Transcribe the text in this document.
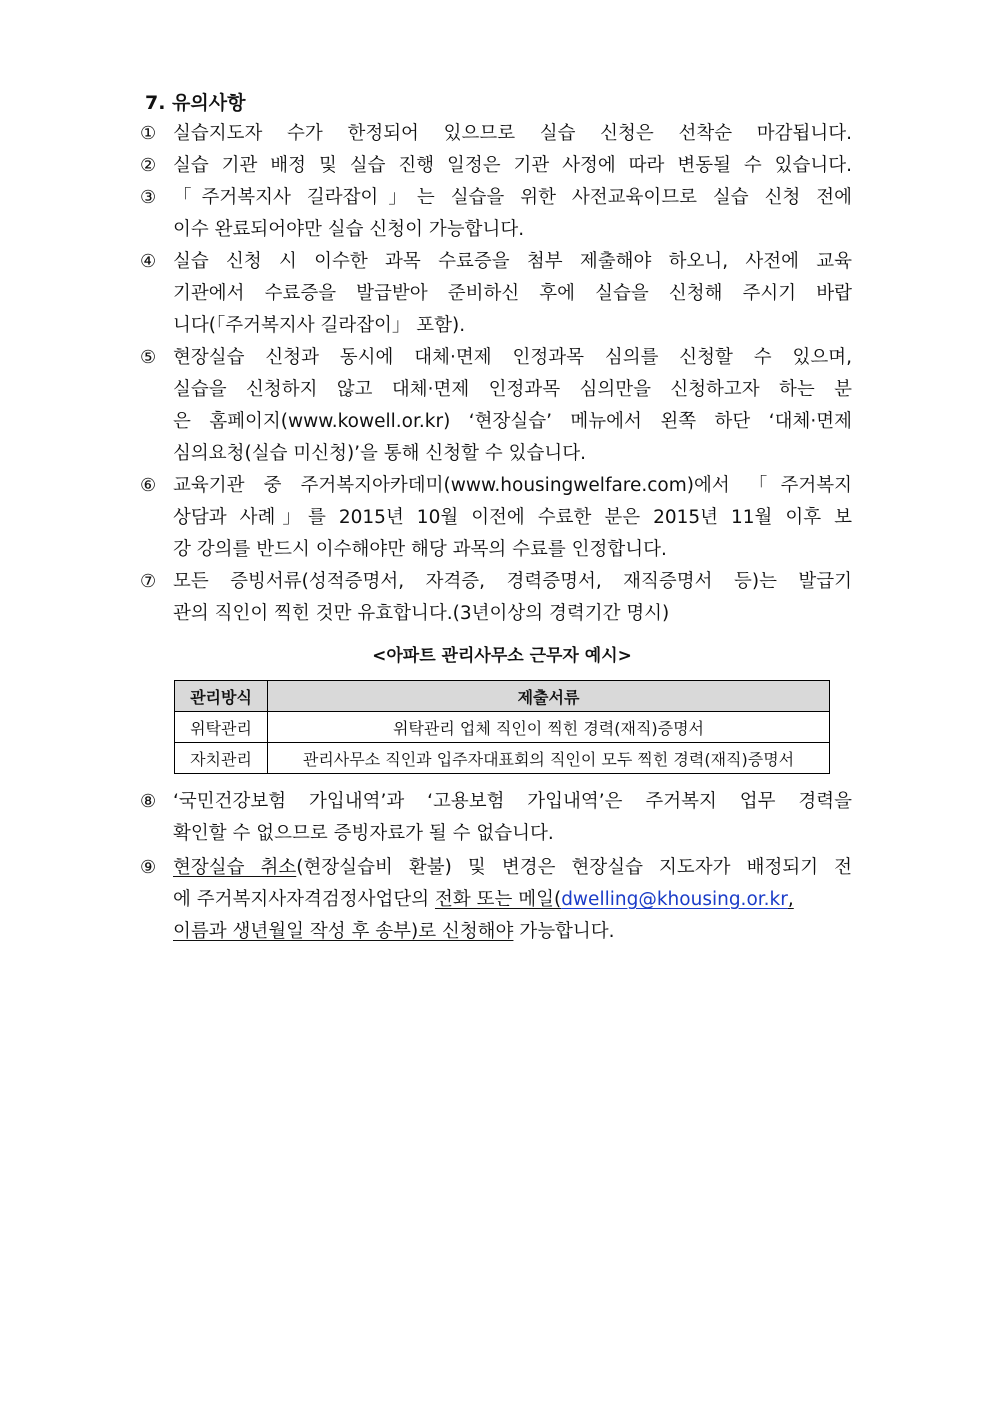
7. 유의사항
① 실습지도자 수가 한정되어 있으므로 실습 신청은 선착순 마감됩니다.
② 실습 기관 배정 및 실습 진행 일정은 기관 사정에 따라 변동될 수 있습니다.
③ 「주거복지사 길라잡이」는 실습을 위한 사전교육이므로 실습 신청 전에
이수 완료되어야만 실습 신청이 가능합니다.
④ 실습 신청 시 이수한 과목 수료증을 첨부 제출해야 하오니, 사전에 교육
기관에서 수료증을 발급받아 준비하신 후에 실습을 신청해 주시기 바랍
니다(「주거복지사 길라잡이」 포함).
⑤ 현장실습 신청과 동시에 대체·면제 인정과목 심의를 신청할 수 있으며,
실습을 신청하지 않고 대체·면제 인정과목 심의만을 신청하고자 하는 분
은 홈페이지(www.kowell.or.kr) ‘현장실습’ 메뉴에서 왼쪽 하단 ‘대체·면제
심의요청(실습 미신청)’을 통해 신청할 수 있습니다.
⑥ 교육기관 중 주거복지아카데미(www.housingwelfare.com)에서 「주거복지
상담과 사례」를 2015년 10월 이전에 수료한 분은 2015년 11월 이후 보
강 강의를 반드시 이수해야만 해당 과목의 수료를 인정합니다.
⑦ 모든 증빙서류(성적증명서, 자격증, 경력증명서, 재직증명서 등)는 발급기
관의 직인이 찍힌 것만 유효합니다.(3년이상의 경력기간 명시)
⑧ ‘국민건강보험 가입내역’과 ‘고용보험 가입내역’은 주거복지 업무 경력을
확인할 수 없으므로 증빙자료가 될 수 없습니다.
<아파트 관리사무소 근무자 예시>
관리방식	제출서류
위탁관리	위탁관리 업체 직인이 찍힌 경력(재직)증명서
자치관리	관리사무소 직인과 입주자대표회의 직인이 모두 찍힌 경력(재직)증명서
⑨ 현장실습 취소(현장실습비 환불) 및 변경은 현장실습 지도자가 배정되기 전
에 주거복지사자격검정사업단의 전화 또는 메일(dwelling@khousing.or.kr,
이름과 생년월일 작성 후 송부)로 신청해야 가능합니다.
